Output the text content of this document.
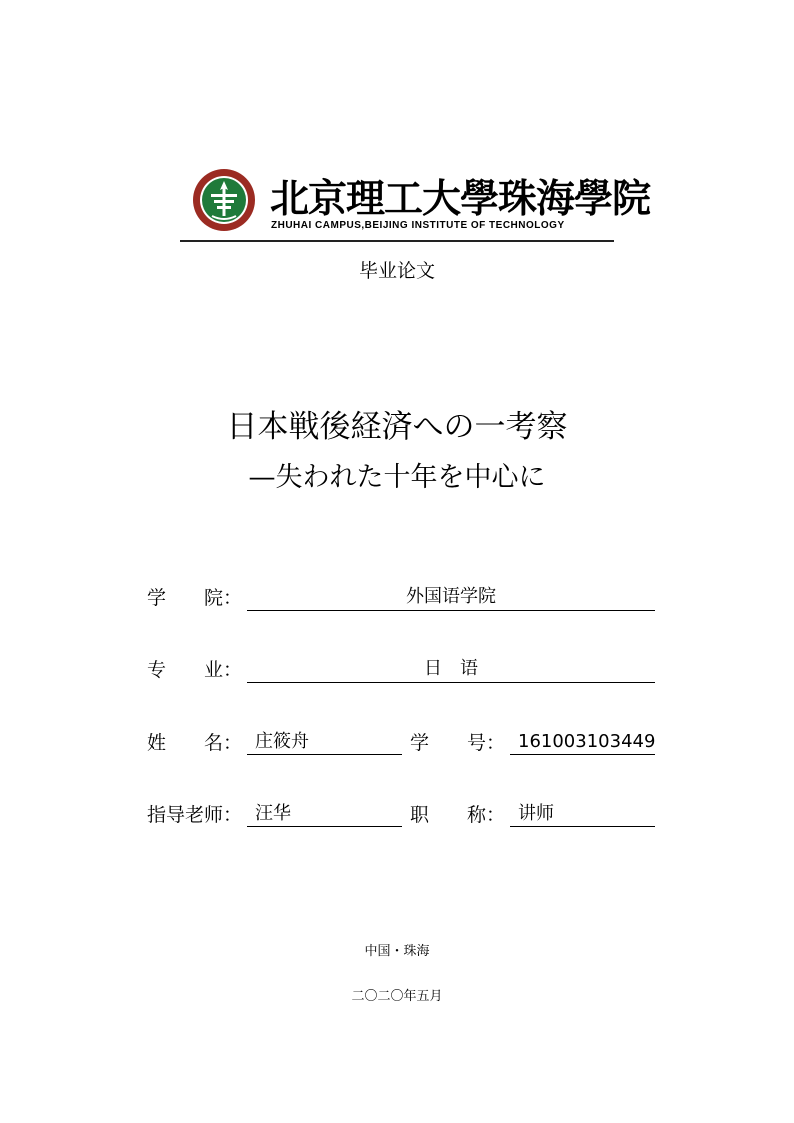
北京理工大學珠海學院
ZHUHAI CAMPUS,BEIJING INSTITUTE OF TECHNOLOGY
毕业论文
日本戦後経済への一考察
—失われた十年を中心に
学　　院：	外国语学院
专　　业：	日　语
姓　　名： 庄筱舟	学　　号： 161003103449
指导老师： 汪华	职　　称： 讲师
中国・珠海
二〇二〇年五月
